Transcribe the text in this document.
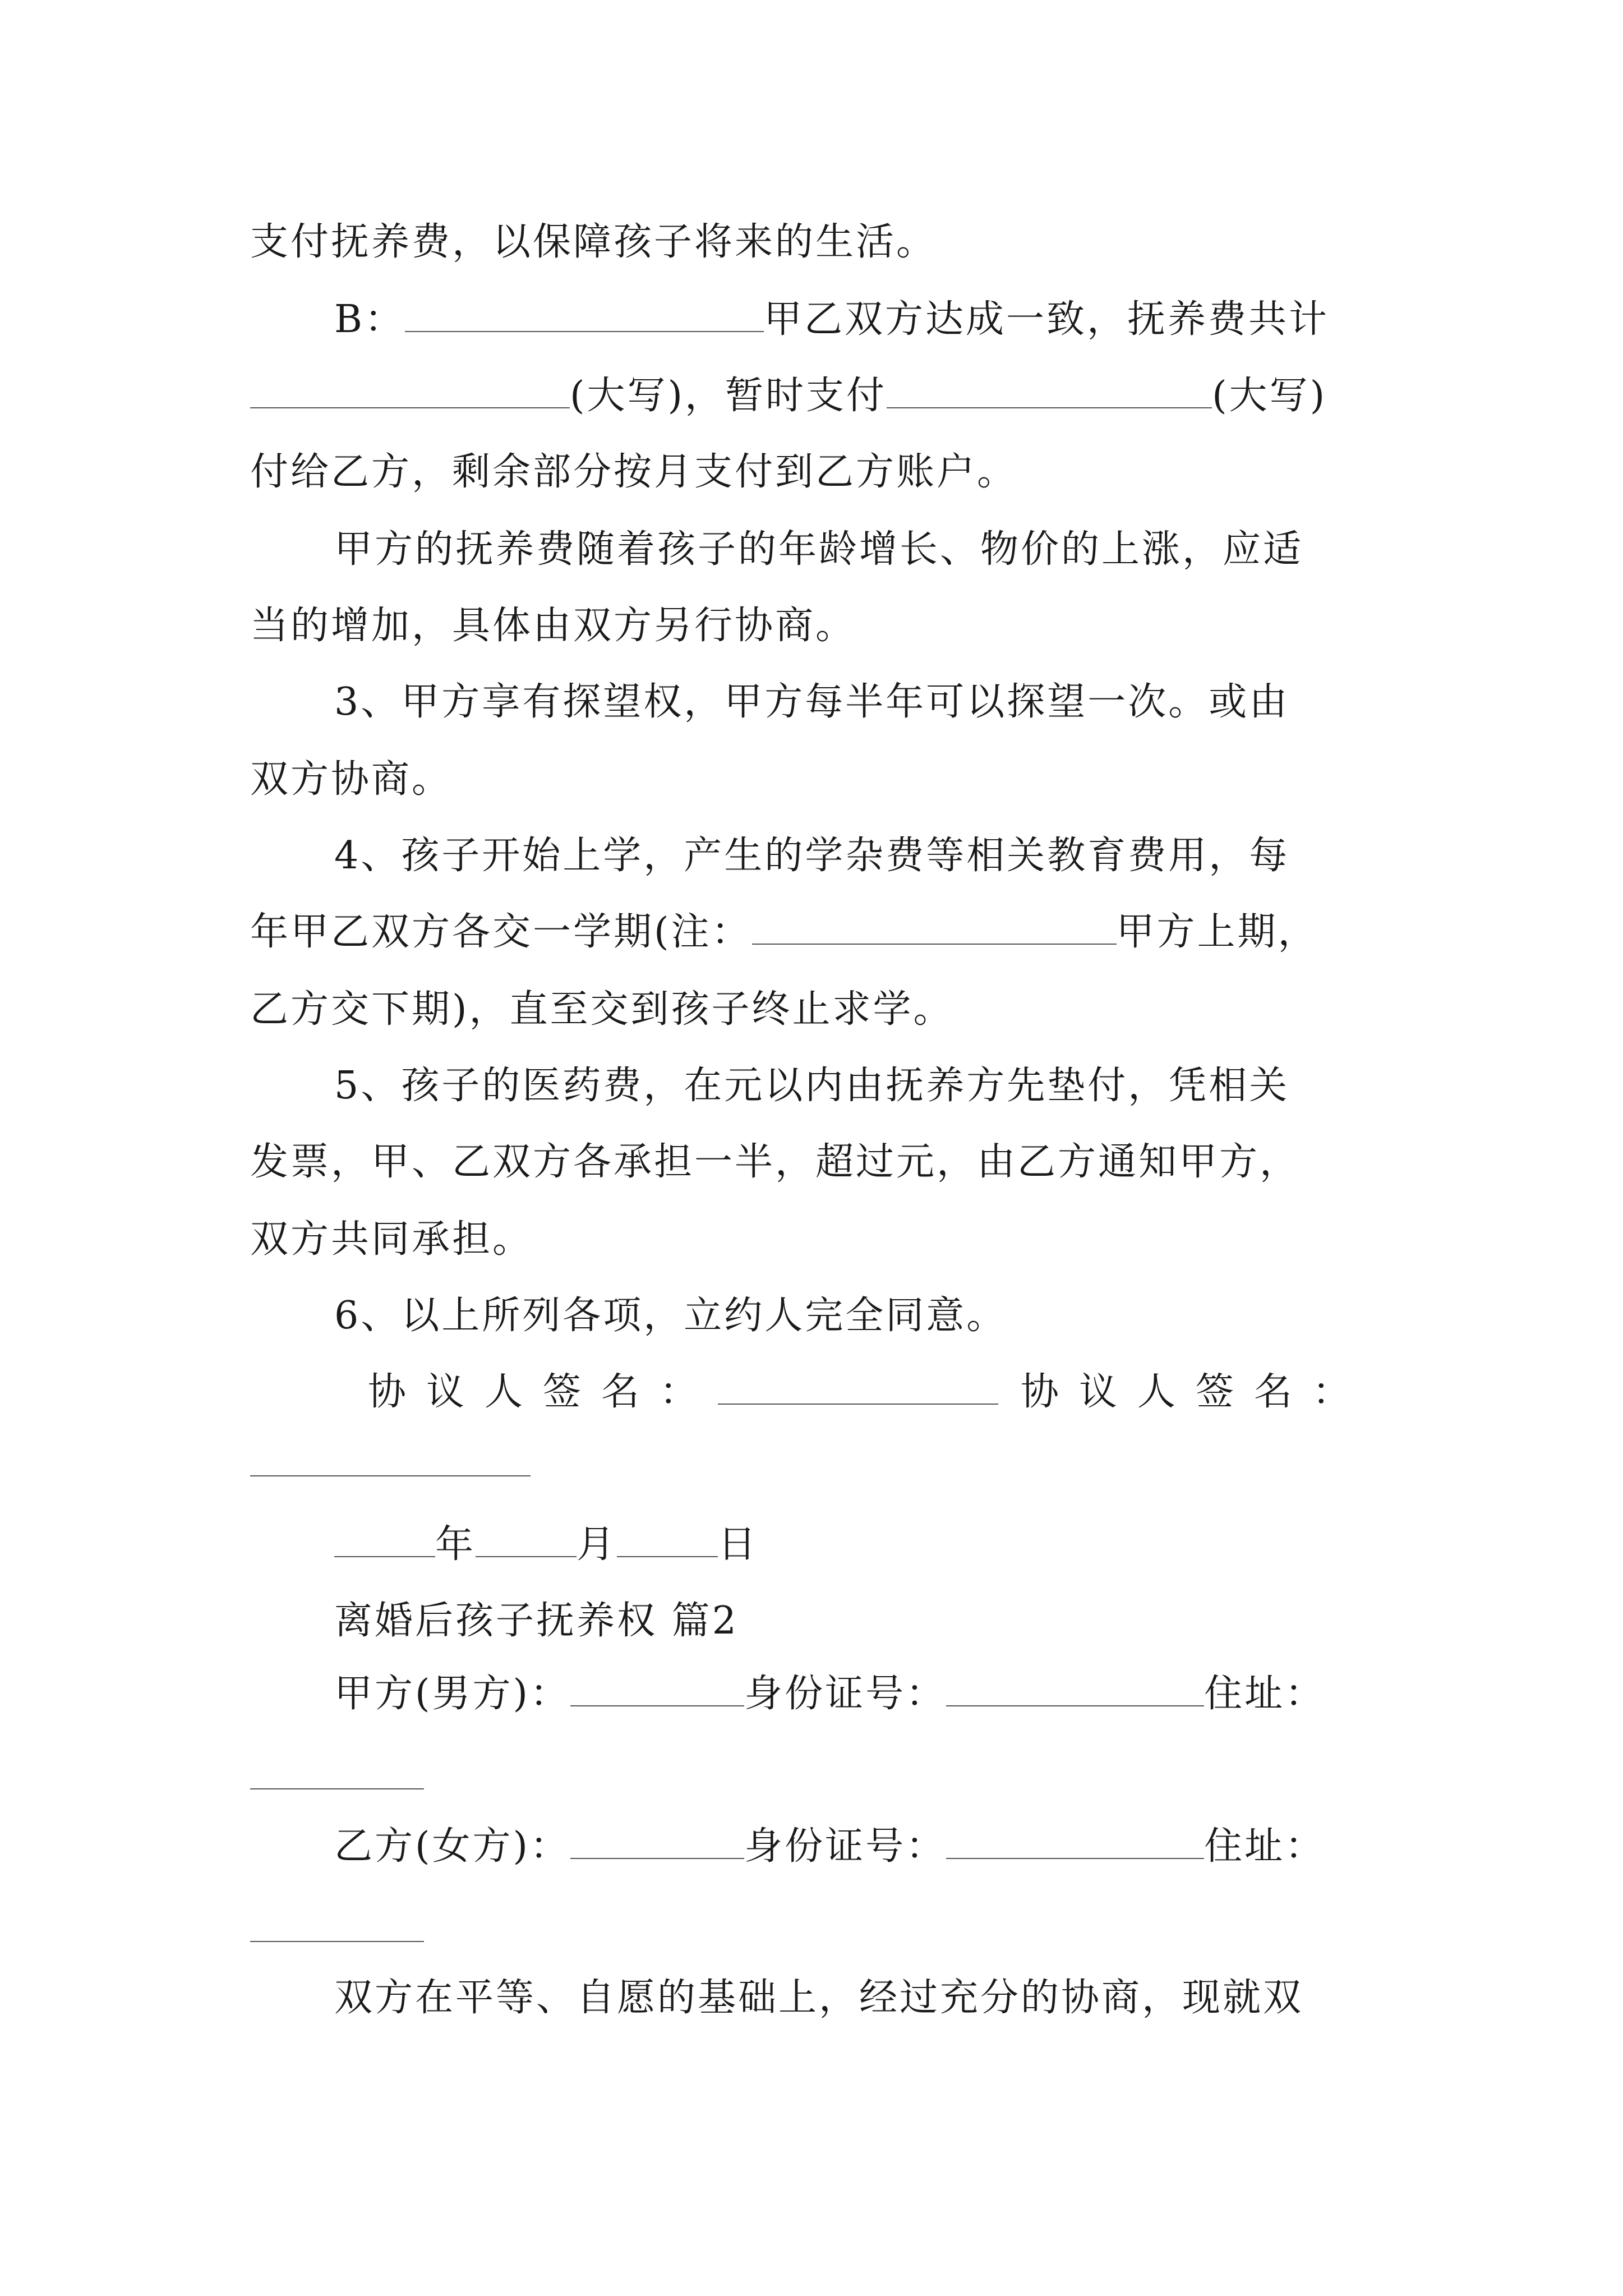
支付抚养费，以保障孩子将来的生活。
B：	甲乙双方达成一致，抚养费共计
(大写)，暂时支付	(大写)
付给乙方，剩余部分按月支付到乙方账户。
甲方的抚养费随着孩子的年龄增长、物价的上涨，应适
当的增加，具体由双方另行协商。
3、甲方享有探望权，甲方每半年可以探望一次。或由
双方协商。
4、孩子开始上学，产生的学杂费等相关教育费用，每
年甲乙双方各交一学期(注：	甲方上期，
乙方交下期)，直至交到孩子终止求学。
5、孩子的医药费，在元以内由抚养方先垫付，凭相关
发票，甲、乙双方各承担一半，超过元，由乙方通知甲方，
双方共同承担。
6、以上所列各项，立约人完全同意。
协议人签名：	协议人签名：
年	月	日
离婚后孩子抚养权 篇2
甲方(男方)：	身份证号：	住址：
乙方(女方)：	身份证号：	住址：
双方在平等、自愿的基础上，经过充分的协商，现就双
